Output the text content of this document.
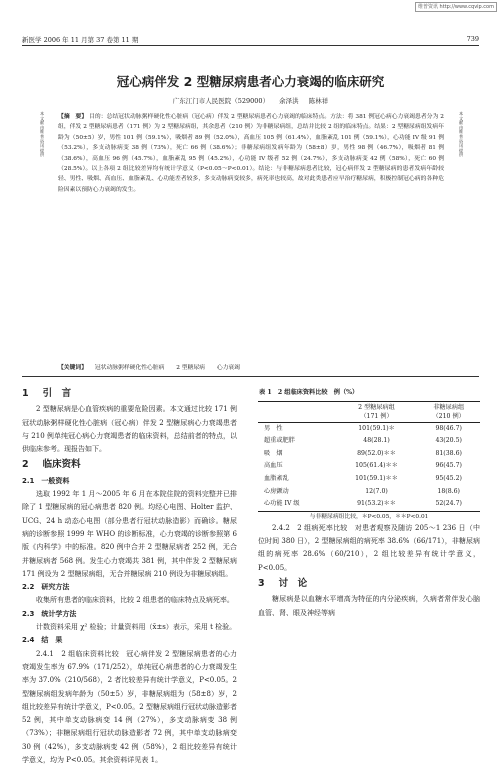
维普资讯 http://www.cqvip.com
新医学 2006 年 11 月第 37 卷第 11 期	739
冠心病伴发 2 型糖尿病患者心力衰竭的临床研究
广东江门市人民医院（529000） 余泽洪 陈林祥
本文献由维普资讯提供
本文献由维普资讯提供
【摘　要】 目的：总结冠状动脉粥样硬化性心脏病（冠心病）伴发 2 型糖尿病患者心力衰竭的临床特点。方法：将 381 例冠心病心力衰竭患者分为 2 组，伴发 2 型糖尿病患者（171 例）为 2 型糖尿病组，其余患者（210 例）为非糖尿病组，总结并比较 2 组的临床特点。结果：2 型糖尿病组发病年龄为（50±5）岁，男性 101 例（59.1%），吸烟者 89 例（52.0%），高血压 105 例（61.4%），血脂紊乱 101 例（59.1%），心功能 IV 级 91 例（53.2%），多支动脉病变 38 例（73%），死亡 66 例（38.6%）；非糖尿病组发病年龄为（58±8）岁，男性 98 例（46.7%），吸烟者 81 例（38.6%），高血压 96 例（45.7%），血脂紊乱 95 例（45.2%），心功能 IV 级者 52 例（24.7%），多支动脉病变 42 例（58%），死亡 60 例（28.5%）。以上各项 2 组比较差异均有统计学意义（P<0.05～P<0.01）。结论：与非糖尿病患者比较，冠心病伴发 2 型糖尿病的患者发病年龄较轻、男性、吸烟、高血压、血脂紊乱、心功能差者较多，多支动脉病变较多，病死率也较高，故对此类患者应早治疗糖尿病，积极控制冠心病的各种危险因素以预防心力衰竭的发生。
【关键词】 冠状动脉粥样硬化性心脏病 2 型糖尿病 心力衰竭
1 引　言

2 型糖尿病是心血管疾病的重要危险因素。本文通过比较 171 例冠状动脉粥样硬化性心脏病（冠心病）伴发 2 型糖尿病心力衰竭患者与 210 例单纯冠心病心力衰竭患者的临床资料，总结前者的特点，以供临床参考。现报告如下。

2 临床资料
2.1　一般资料

选取 1992 年 1 月～2005 年 6 月在本院住院的资料完整并已排除了 1 型糖尿病的冠心病患者 820 例。均经心电图、Holter 监护、UCG、24 h 动态心电图（部分患者行冠状动脉造影）而确诊。糖尿病的诊断参照 1999 年 WHO 的诊断标准，心力衰竭的诊断参照第 6 版《内科学》中的标准。820 例中合并 2 型糖尿病者 252 例，无合并糖尿病者 568 例。发生心力衰竭共 381 例，其中伴发 2 型糖尿病 171 例设为 2 型糖尿病组，无合并糖尿病 210 例设为非糖尿病组。

2.2　研究方法

收集所有患者的临床资料，比较 2 组患者的临床特点及病死率。

2.3　统计学方法

计数资料采用 χ² 检验；计量资料用（x̄±s）表示，采用 t 检验。

2.4　结　果

2.4.1　2 组临床资料比较　冠心病伴发 2 型糖尿病患者的心力衰竭发生率为 67.9%（171/252），单纯冠心病患者的心力衰竭发生率为 37.0%（210/568），2 者比较差异有统计学意义，P<0.05。2 型糖尿病组发病年龄为（50±5）岁，非糖尿病组为（58±8）岁，2 组比较差异有统计学意义，P<0.05。2 型糖尿病组行冠状动脉造影者 52 例，其中单支动脉病变 14 例（27%），多支动脉病变 38 例（73%）；非糖尿病组行冠状动脉造影者 72 例，其中单支动脉病变 30 例（42%），多支动脉病变 42 例（58%），2 组比较差异有统计学意义，均为 P<0.05。其余资料详见表 1。

表 1　2 组临床资料比较　例（%）		
	2 型糖尿病组
（171 例）	非糖尿病组
（210 例）
男　性	101(59.1)＊	98(46.7)
超重或肥胖	48(28.1)	43(20.5)
吸　烟	89(52.0)＊＊	81(38.6)
高血压	105(61.4)＊＊	96(45.7)
血脂紊乱	101(59.1)＊＊	95(45.2)
心房颤动	12(7.0)	18(8.6)
心功能 IV 级	91(53.2)＊＊	52(24.7)
与非糖尿病组比较，＊P<0.05，＊＊P<0.01

2.4.2　2 组病死率比较　对患者观察及随访 205～1 236 日（中位时间 380 日），2 型糖尿病组的病死率 38.6%（66/171），非糖尿病组的病死率 28.6%（60/210），2 组比较差异有统计学意义，P<0.05。

3 讨　论

糖尿病是以血糖水平增高为特征的内分泌疾病，久病者常伴发心脑血管、肾、眼及神经等病
